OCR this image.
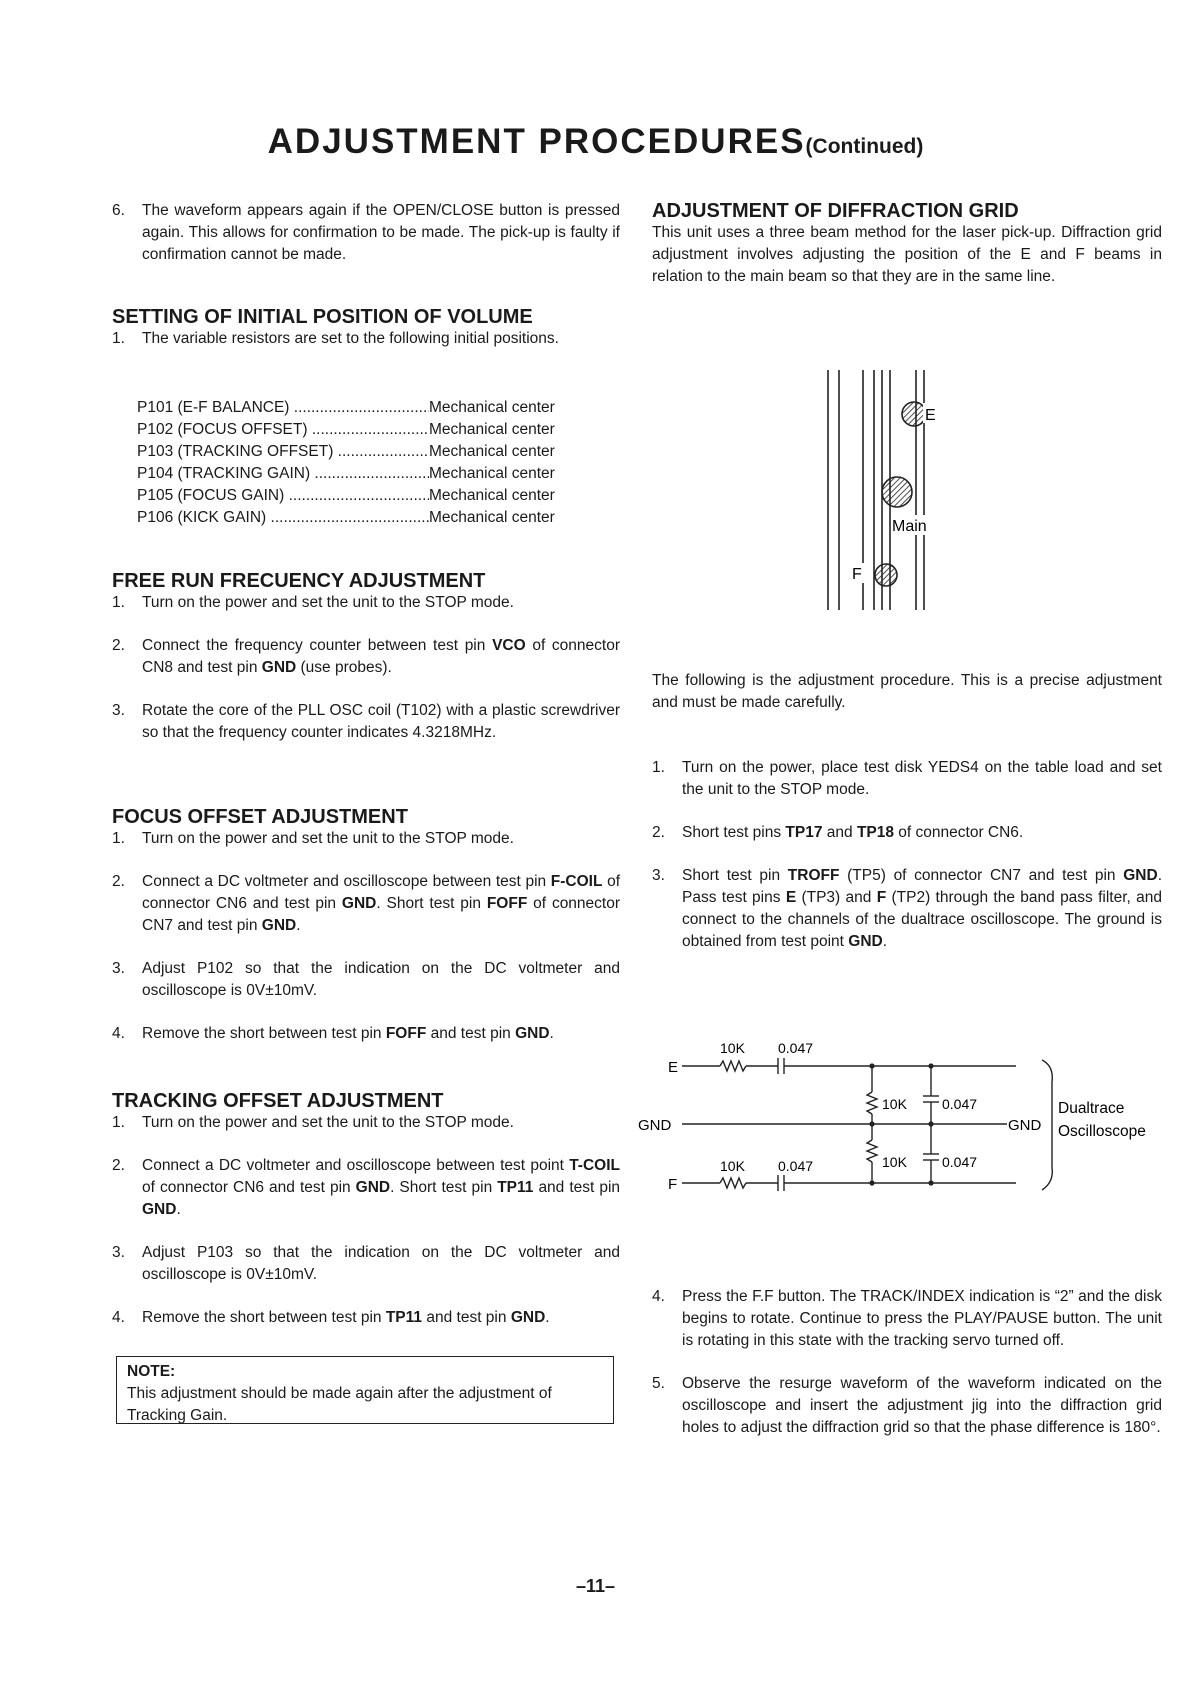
ADJUSTMENT PROCEDURES(Continued)
6. The waveform appears again if the OPEN/CLOSE button is pressed again. This allows for confirmation to be made. The pick-up is faulty if confirmation cannot be made.

SETTING OF INITIAL POSITION OF VOLUME

1. The variable resistors are set to the following initial positions.
P101 (E-F BALANCE) .....	Mechanical center
P102 (FOCUS OFFSET) .....	Mechanical center
P103 (TRACKING OFFSET) .....	Mechanical center
P104 (TRACKING GAIN) .....	Mechanical center
P105 (FOCUS GAIN) .....	Mechanical center
P106 (KICK GAIN) .....	Mechanical center

FREE RUN FRECUENCY ADJUSTMENT

1. Turn on the power and set the unit to the STOP mode.
2. Connect the frequency counter between test pin VCO of connector CN8 and test pin GND (use probes).
3. Rotate the core of the PLL OSC coil (T102) with a plastic screwdriver so that the frequency counter indicates 4.3218MHz.

FOCUS OFFSET ADJUSTMENT

1. Turn on the power and set the unit to the STOP mode.
2. Connect a DC voltmeter and oscilloscope between test pin F-COIL of connector CN6 and test pin GND. Short test pin FOFF of connector CN7 and test pin GND.
3. Adjust P102 so that the indication on the DC voltmeter and oscilloscope is 0V±10mV.
4. Remove the short between test pin FOFF and test pin GND.

TRACKING OFFSET ADJUSTMENT

1. Turn on the power and set the unit to the STOP mode.
2. Connect a DC voltmeter and oscilloscope between test point T-COIL of connector CN6 and test pin GND. Short test pin TP11 and test pin GND.
3. Adjust P103 so that the indication on the DC voltmeter and oscilloscope is 0V±10mV.
4. Remove the short between test pin TP11 and test pin GND.
NOTE:
This adjustment should be made again after the adjustment of Tracking Gain.

ADJUSTMENT OF DIFFRACTION GRID

This unit uses a three beam method for the laser pick-up. Diffraction grid adjustment involves adjusting the position of the E and F beams in relation to the main beam so that they are in the same line.

E
Main
F

The following is the adjustment procedure. This is a precise adjustment and must be made carefully.

1. Turn on the power, place test disk YEDS4 on the table load and set the unit to the STOP mode.
2. Short test pins TP17 and TP18 of connector CN6.
3. Short test pin TROFF (TP5) of connector CN7 and test pin GND. Pass test pins E (TP3) and F (TP2) through the band pass filter, and connect to the channels of the dualtrace oscilloscope. The ground is obtained from test point GND.
E
GND
F
10K 0.047
10K 0.047
10K	0.047
10K	0.047
GND
Dualtrace
Oscilloscope
4. Press the F.F button. The TRACK/INDEX indication is “2” and the disk begins to rotate. Continue to press the PLAY/PAUSE button. The unit is rotating in this state with the tracking servo turned off.
5. Observe the resurge waveform of the waveform indicated on the oscilloscope and insert the adjustment jig into the diffraction grid holes to adjust the diffraction grid so that the phase difference is 180°.
–11–
